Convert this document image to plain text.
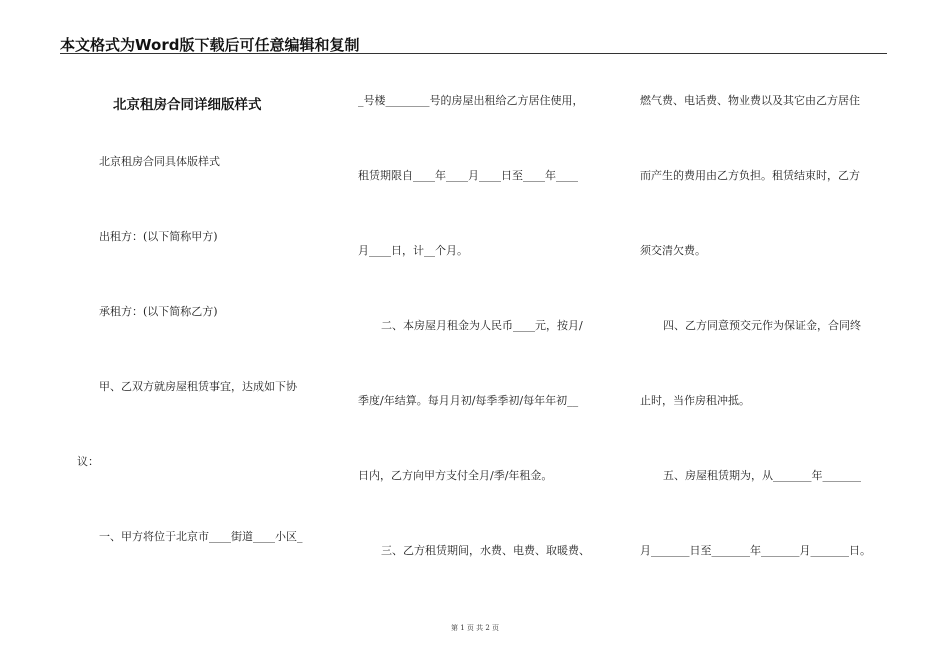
本文格式为Word版下载后可任意编辑和复制
北京租房合同详细版样式
北京租房合同具体版样式
出租方：(以下简称甲方)
承租方：(以下简称乙方)
甲、乙双方就房屋租赁事宜，达成如下协
议：
一、甲方将位于北京市____街道____小区_
_号楼________号的房屋出租给乙方居住使用，
租赁期限自____年____月____日至____年____
月____日，计__个月。
二、本房屋月租金为人民币____元，按月/
季度/年结算。每月月初/每季季初/每年年初__
日内，乙方向甲方支付全月/季/年租金。
三、乙方租赁期间，水费、电费、取暖费、
燃气费、电话费、物业费以及其它由乙方居住
而产生的费用由乙方负担。租赁结束时，乙方
须交清欠费。
四、乙方同意预交元作为保证金，合同终
止时，当作房租冲抵。
五、房屋租赁期为，从_______年_______
月_______日至_______年_______月_______日。
第 1 页 共 2 页
